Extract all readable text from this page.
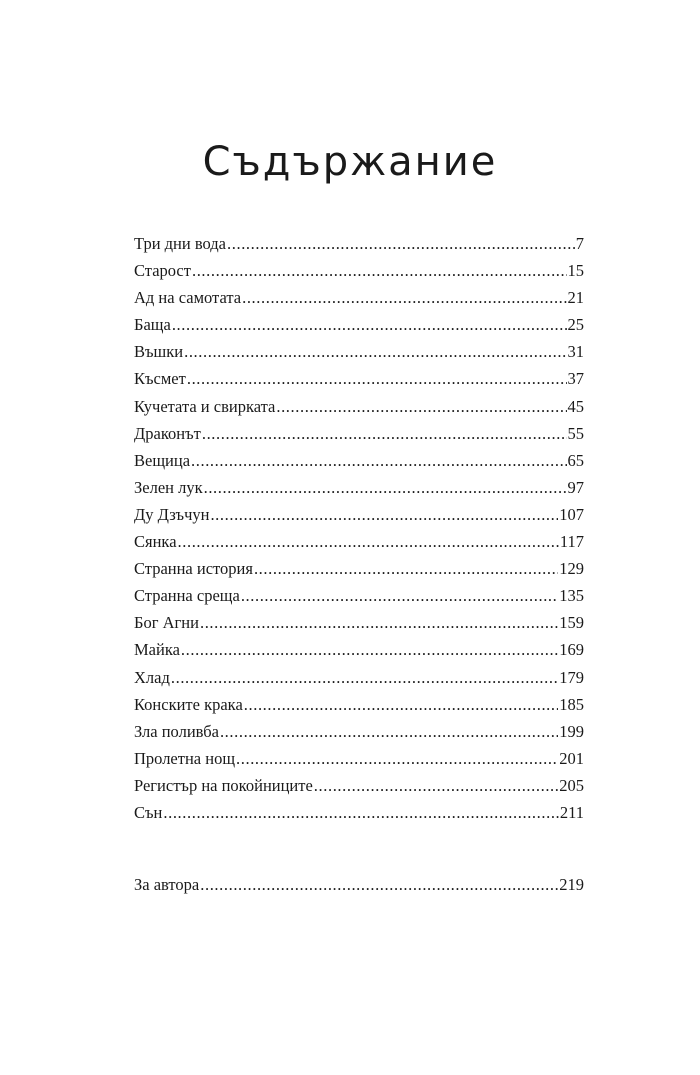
Съдържание
Три дни вода .....	7
Старост .....	15
Ад на самотата .....	21
Баща .....	25
Въшки .....	31
Късмет .....	37
Кучетата и свирката .....	45
Драконът .....	55
Вещица .....	65
Зелен лук .....	97
Ду Дзъчун .....	107
Сянка .....	117
Странна история .....	129
Странна среща .....	135
Бог Агни .....	159
Майка .....	169
Хлад .....	179
Конските крака .....	185
Зла поливба .....	199
Пролетна нощ .....	201
Регистър на покойниците .....	205
Сън .....	211
За автора .....	219
